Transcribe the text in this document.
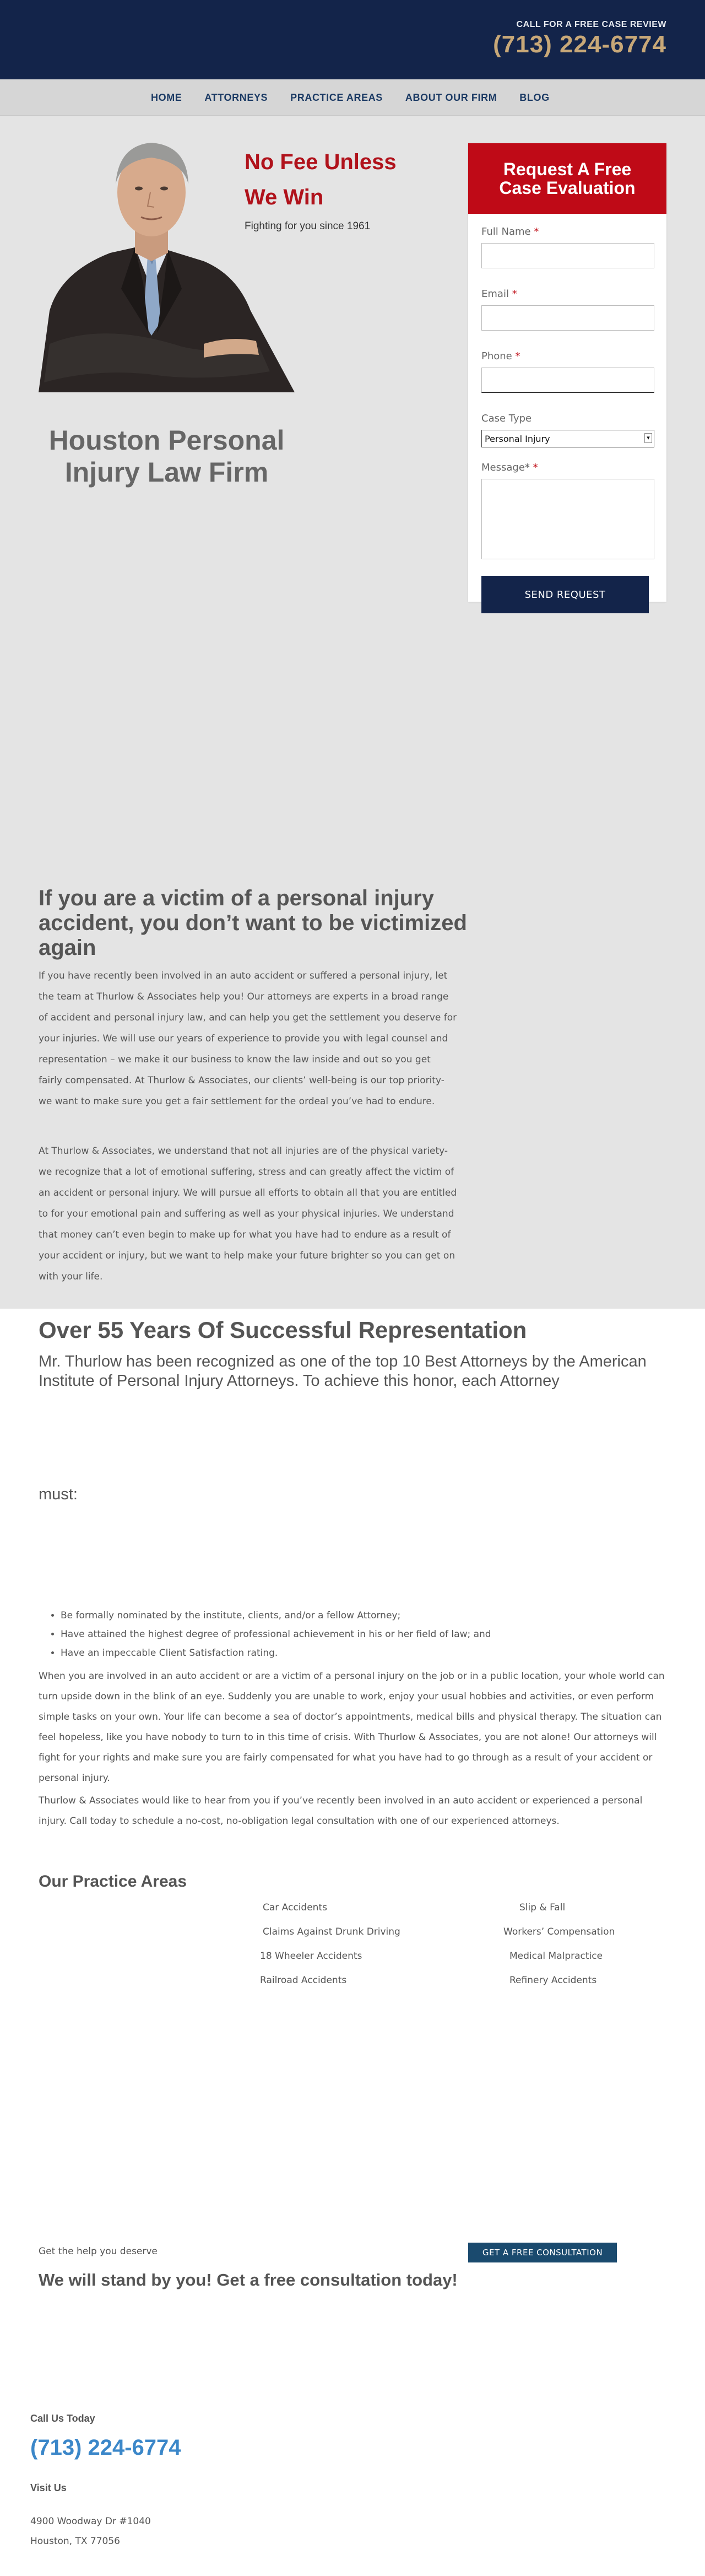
CALL FOR A FREE CASE REVIEW
(713) 224-6774
HOME ATTORNEYS PRACTICE AREAS ABOUT OUR FIRM BLOG
No Fee Unless
We Win
Fighting for you since 1961
Houston Personal Injury Law Firm
Request A Free
Case Evaluation
Full Name *
Email *
Phone *
Case Type
Personal Injury	▾
Message* *
SEND REQUEST
If you are a victim of a personal injury accident, you don’t want to be victimized again
If you have recently been involved in an auto accident or suffered a personal injury, let the team at Thurlow & Associates help you! Our attorneys are experts in a broad range of accident and personal injury law, and can help you get the settlement you deserve for your injuries. We will use our years of experience to provide you with legal counsel and representation – we make it our business to know the law inside and out so you get fairly compensated. At Thurlow & Associates, our clients’ well-being is our top priority- we want to make sure you get a fair settlement for the ordeal you’ve had to endure.
At Thurlow & Associates, we understand that not all injuries are of the physical variety- we recognize that a lot of emotional suffering, stress and can greatly affect the victim of an accident or personal injury. We will pursue all efforts to obtain all that you are entitled to for your emotional pain and suffering as well as your physical injuries. We understand that money can’t even begin to make up for what you have had to endure as a result of your accident or injury, but we want to help make your future brighter so you can get on with your life.
Over 55 Years Of Successful Representation
Mr. Thurlow has been recognized as one of the top 10 Best Attorneys by the American Institute of Personal Injury Attorneys. To achieve this honor, each Attorney
must:
• Be formally nominated by the institute, clients, and/or a fellow Attorney;
• Have attained the highest degree of professional achievement in his or her field of law; and
• Have an impeccable Client Satisfaction rating.
When you are involved in an auto accident or are a victim of a personal injury on the job or in a public location, your whole world can turn upside down in the blink of an eye. Suddenly you are unable to work, enjoy your usual hobbies and activities, or even perform simple tasks on your own. Your life can become a sea of doctor’s appointments, medical bills and physical therapy. The situation can feel hopeless, like you have nobody to turn to in this time of crisis. With Thurlow & Associates, you are not alone! Our attorneys will fight for your rights and make sure you are fairly compensated for what you have had to go through as a result of your accident or personal injury.
Thurlow & Associates would like to hear from you if you’ve recently been involved in an auto accident or experienced a personal injury. Call today to schedule a no-cost, no-obligation legal consultation with one of our experienced attorneys.
Our Practice Areas
Car Accidents
Claims Against Drunk Driving
18 Wheeler Accidents
Railroad Accidents
Slip & Fall
Workers’ Compensation
Medical Malpractice
Refinery Accidents
Get the help you deserve	GET A FREE CONSULTATION
We will stand by you! Get a free consultation today!
Call Us Today
(713) 224-6774
Visit Us
4900 Woodway Dr #1040
Houston, TX 77056
